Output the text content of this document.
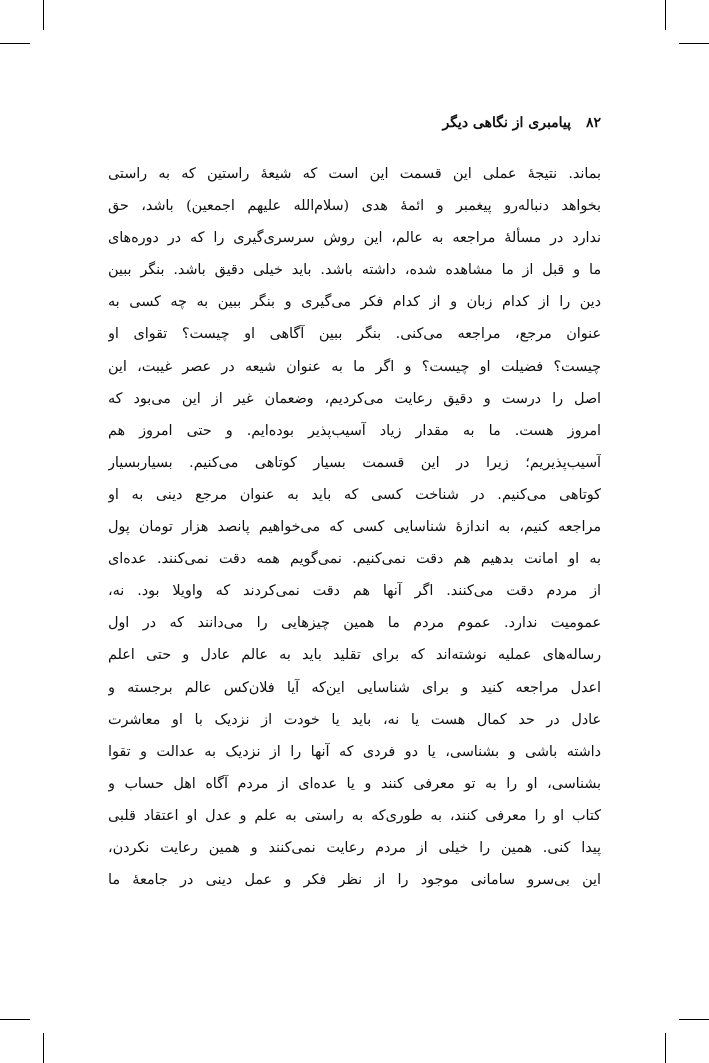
۸۲ پیامبری از نگاهی دیگر
بماند. نتیجهٔ عملی این قسمت این است که شیعهٔ راستین که به راستی
بخواهد دنباله‌رو پیغمبر و ائمهٔ هدی (سلام‌الله علیهم اجمعین) باشد، حق
ندارد در مسألهٔ مراجعه به عالم، این روش سرسری‌گیری را که در دوره‌های
ما و قبل از ما مشاهده شده، داشته باشد. باید خیلی دقیق باشد. بنگر ببین
دین را از کدام زبان و از کدام فکر می‌گیری و بنگر ببین به چه کسی به
عنوان مرجع، مراجعه می‌کنی. بنگر ببین آگاهی او چیست؟ تقوای او
چیست؟ فضیلت او چیست؟ و اگر ما به عنوان شیعه در عصر غیبت، این
اصل را درست و دقیق رعایت می‌کردیم، وضعمان غیر از این می‌بود که
امروز هست. ما به مقدار زیاد آسیب‌پذیر بوده‌ایم. و حتی امروز هم
آسیب‌پذیریم؛ زیرا در این قسمت بسیار کوتاهی می‌کنیم. بسیاربسیار
کوتاهی می‌کنیم. در شناخت کسی که باید به عنوان مرجع دینی به او
مراجعه کنیم، به اندازهٔ شناسایی کسی که می‌خواهیم پانصد هزار تومان پول
به او امانت بدهیم هم دقت نمی‌کنیم. نمی‌گویم همه دقت نمی‌کنند. عده‌ای
از مردم دقت می‌کنند. اگر آنها هم دقت نمی‌کردند که واویلا بود. نه،
عمومیت ندارد. عموم مردم ما همین چیزهایی را می‌دانند که در اول
رساله‌های عملیه نوشته‌اند که برای تقلید باید به عالم عادل و حتی اعلم
اعدل مراجعه کنید و برای شناسایی این‌که آیا فلان‌کس عالم برجسته و
عادل در حد کمال هست یا نه، باید یا خودت از نزدیک با او معاشرت
داشته باشی و بشناسی، یا دو فردی که آنها را از نزدیک به عدالت و تقوا
بشناسی، او را به تو معرفی کنند و یا عده‌ای از مردم آگاه اهل حساب و
کتاب او را معرفی کنند، به طوری‌که به راستی به علم و عدل او اعتقاد قلبی
پیدا کنی. همین را خیلی از مردم رعایت نمی‌کنند و همین رعایت نکردن،
این بی‌سرو سامانی موجود را از نظر فکر و عمل دینی در جامعهٔ ما
